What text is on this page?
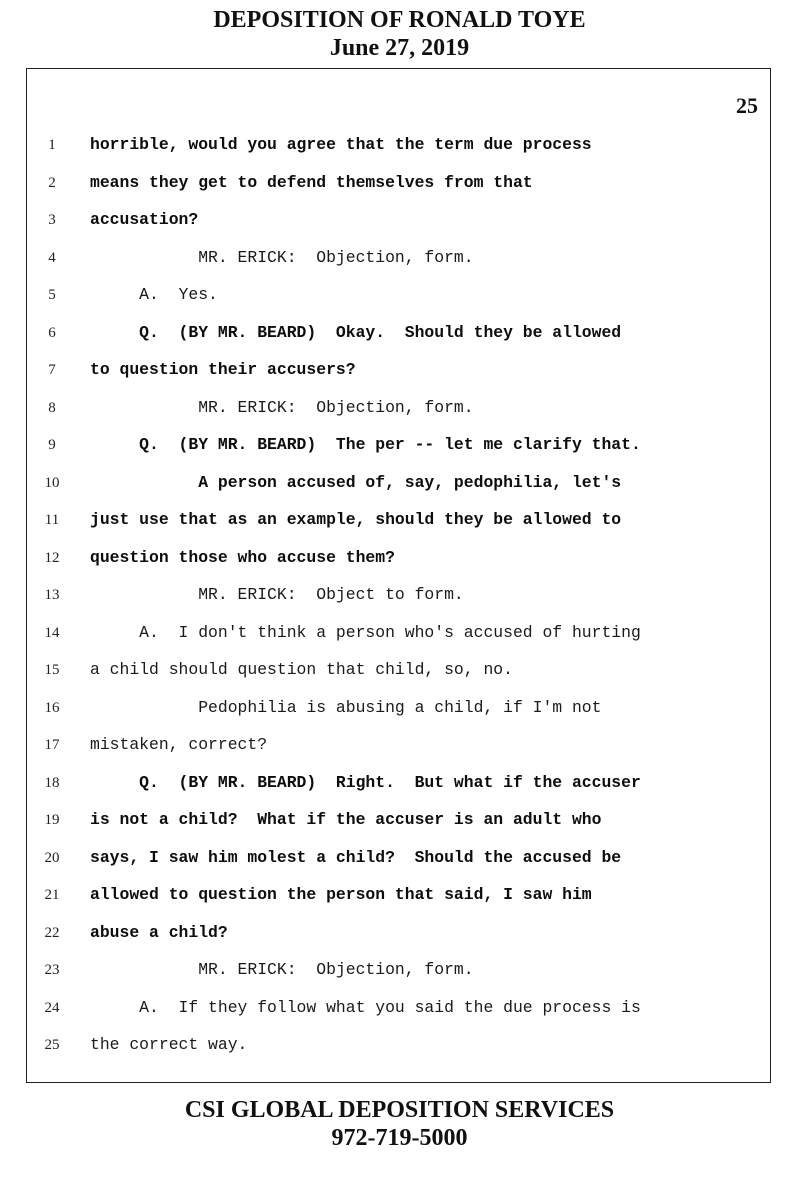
DEPOSITION OF RONALD TOYE
June 27, 2019
25
1	horrible, would you agree that the term due process
2	means they get to defend themselves from that
3	accusation?
4	MR. ERICK:  Objection, form.
5	A.  Yes.
6	Q.  (BY MR. BEARD)  Okay.  Should they be allowed
7	to question their accusers?
8	MR. ERICK:  Objection, form.
9	Q.  (BY MR. BEARD)  The per -- let me clarify that.
10	A person accused of, say, pedophilia, let's
11	just use that as an example, should they be allowed to
12	question those who accuse them?
13	MR. ERICK:  Object to form.
14	A.  I don't think a person who's accused of hurting
15	a child should question that child, so, no.
16	Pedophilia is abusing a child, if I'm not
17	mistaken, correct?
18	Q.  (BY MR. BEARD)  Right.  But what if the accuser
19	is not a child?  What if the accuser is an adult who
20	says, I saw him molest a child?  Should the accused be
21	allowed to question the person that said, I saw him
22	abuse a child?
23	MR. ERICK:  Objection, form.
24	A.  If they follow what you said the due process is
25	the correct way.
CSI GLOBAL DEPOSITION SERVICES
972-719-5000
